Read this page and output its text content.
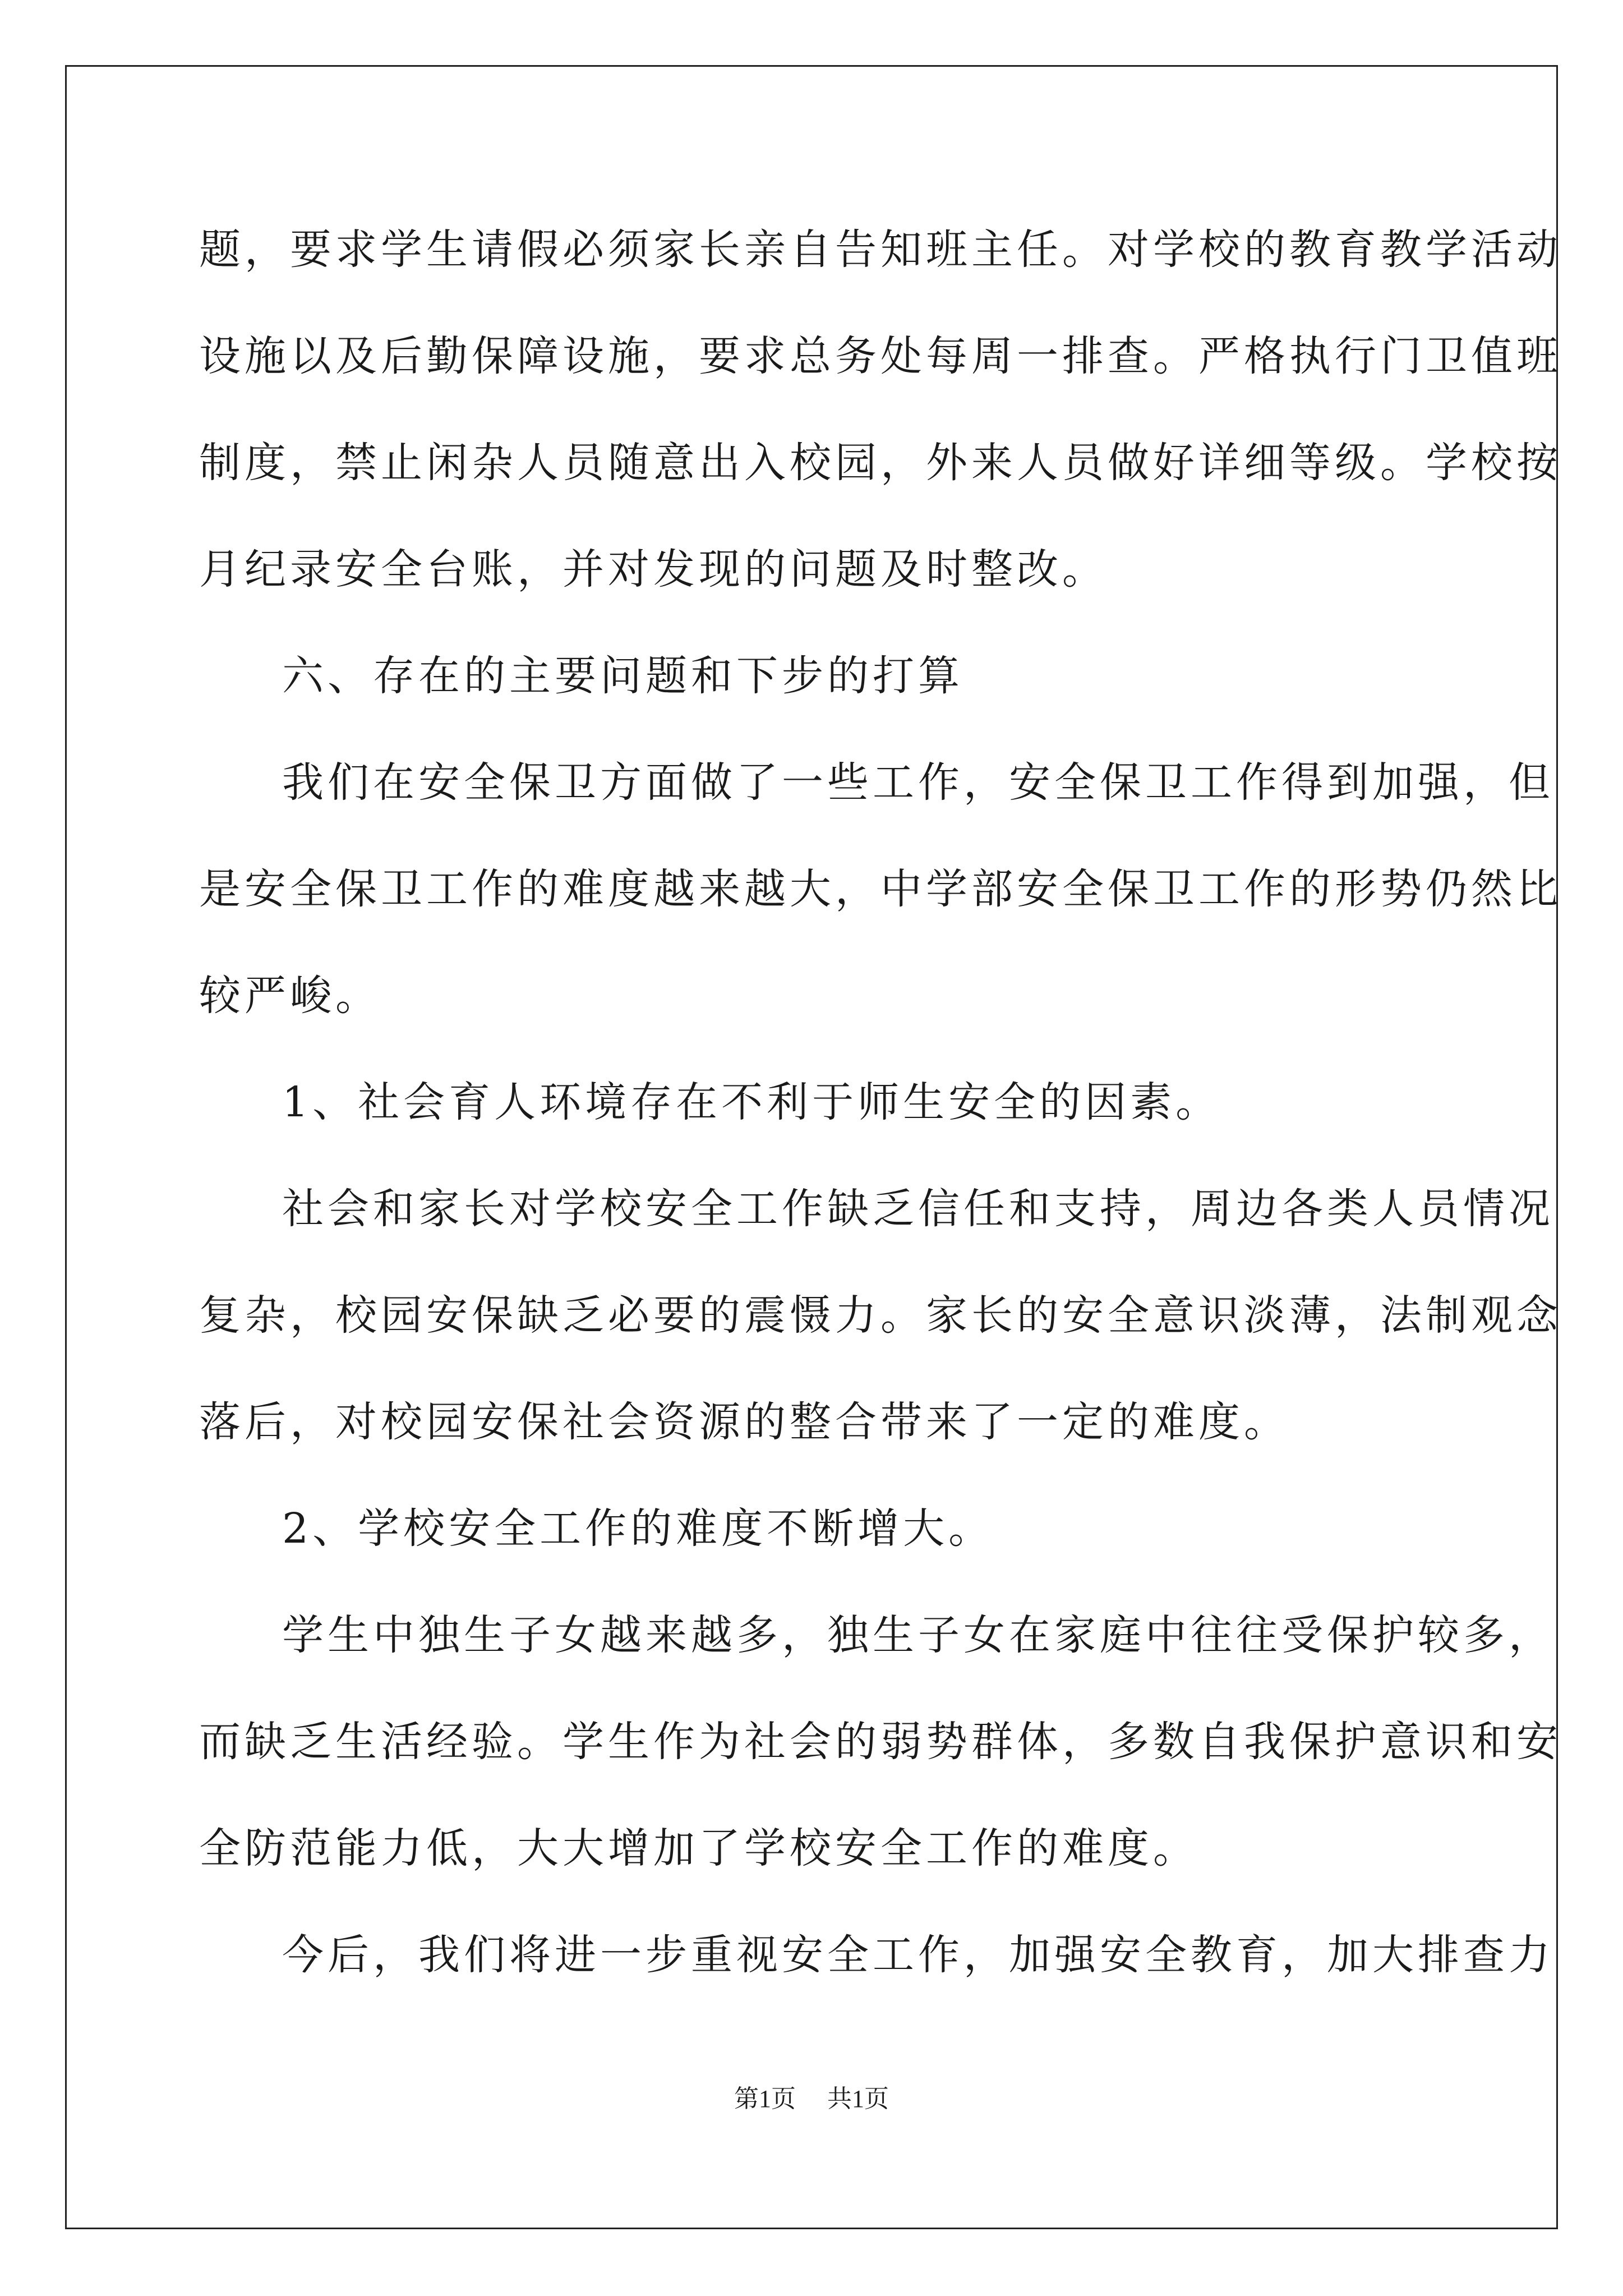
题，要求学生请假必须家长亲自告知班主任。对学校的教育教学活动
设施以及后勤保障设施，要求总务处每周一排查。严格执行门卫值班
制度，禁止闲杂人员随意出入校园，外来人员做好详细等级。学校按
月纪录安全台账，并对发现的问题及时整改。
六、存在的主要问题和下步的打算
我们在安全保卫方面做了一些工作，安全保卫工作得到加强，但
是安全保卫工作的难度越来越大，中学部安全保卫工作的形势仍然比
较严峻。
1、社会育人环境存在不利于师生安全的因素。
社会和家长对学校安全工作缺乏信任和支持，周边各类人员情况
复杂，校园安保缺乏必要的震慑力。家长的安全意识淡薄，法制观念
落后，对校园安保社会资源的整合带来了一定的难度。
2、学校安全工作的难度不断增大。
学生中独生子女越来越多，独生子女在家庭中往往受保护较多，
而缺乏生活经验。学生作为社会的弱势群体，多数自我保护意识和安
全防范能力低，大大增加了学校安全工作的难度。
今后，我们将进一步重视安全工作，加强安全教育，加大排查力
第1页 共1页
